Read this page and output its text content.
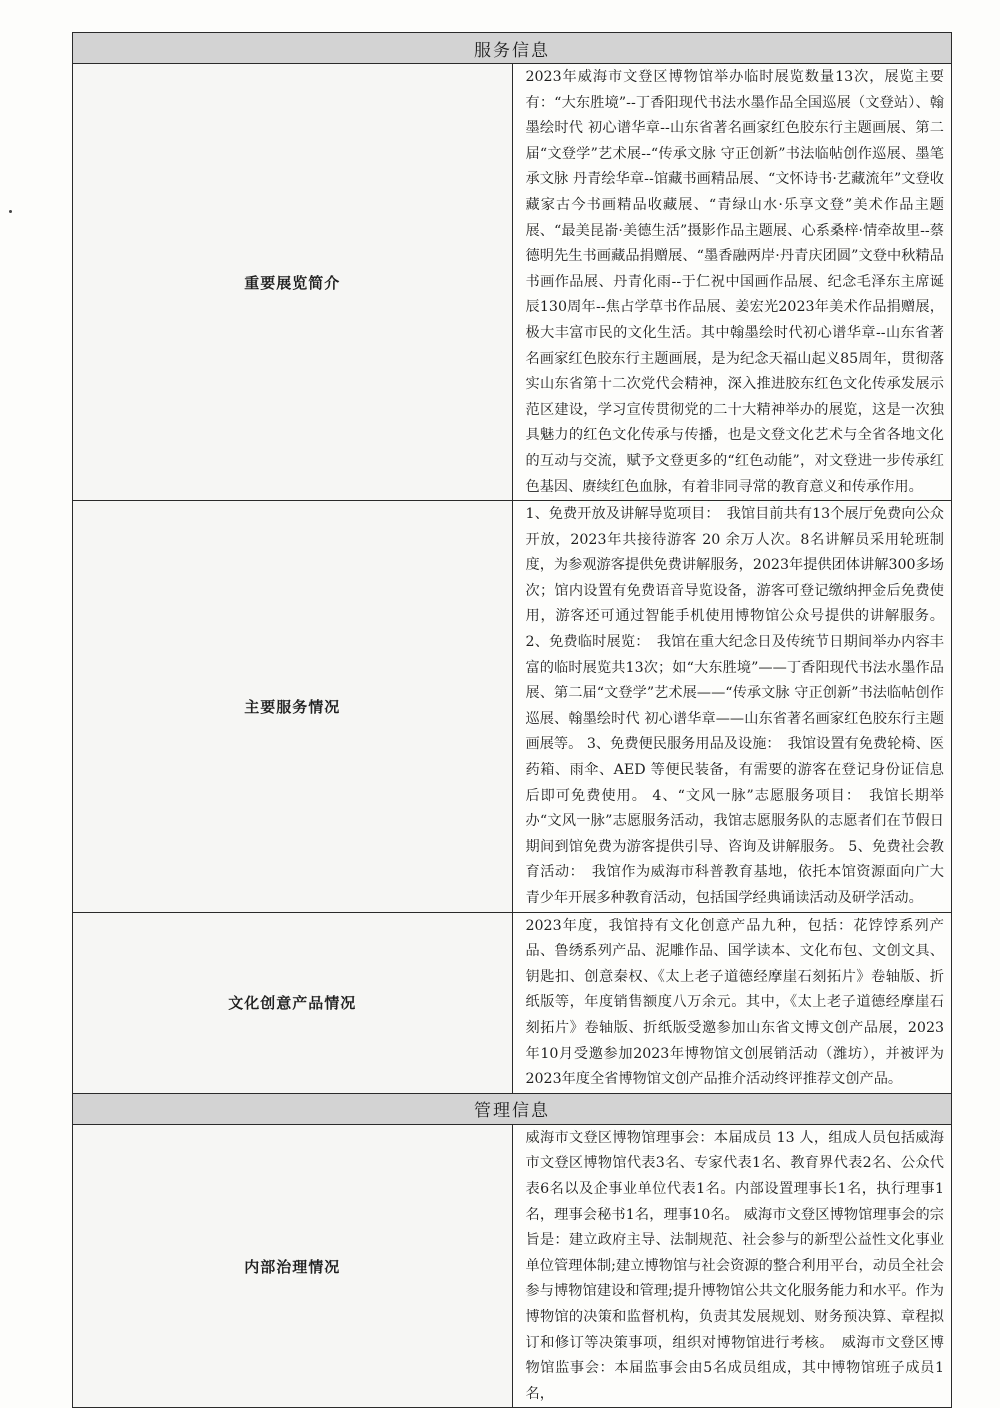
服务信息	
重要展览简介	2023年威海市文登区博物馆举办临时展览数量13次，展览主要有：“大东胜境”--丁香阳现代书法水墨作品全国巡展（文登站）、翰墨绘时代 初心谱华章--山东省著名画家红色胶东行主题画展、第二届“文登学”艺术展--“传承文脉 守正创新”书法临帖创作巡展、墨笔承文脉 丹青绘华章--馆藏书画精品展、“文怀诗书·艺藏流年”文登收藏家古今书画精品收藏展、“青绿山水·乐享文登”美术作品主题展、“最美昆嵛·美德生活”摄影作品主题展、心系桑梓·情牵故里--蔡德明先生书画藏品捐赠展、“墨香融两岸·丹青庆团圆”文登中秋精品书画作品展、丹青化雨--于仁祝中国画作品展、纪念毛泽东主席诞辰130周年--焦占学草书作品展、姜宏光2023年美术作品捐赠展，极大丰富市民的文化生活。其中翰墨绘时代初心谱华章--山东省著名画家红色胶东行主题画展，是为纪念天福山起义85周年，贯彻落实山东省第十二次党代会精神，深入推进胶东红色文化传承发展示范区建设，学习宣传贯彻党的二十大精神举办的展览，这是一次独具魅力的红色文化传承与传播，也是文登文化艺术与全省各地文化的互动与交流，赋予文登更多的“红色动能”，对文登进一步传承红色基因、赓续红色血脉，有着非同寻常的教育意义和传承作用。
主要服务情况	1、免费开放及讲解导览项目：　我馆目前共有13个展厅免费向公众开放，2023年共接待游客 20 余万人次。8名讲解员采用轮班制度，为参观游客提供免费讲解服务，2023年提供团体讲解300多场次；馆内设置有免费语音导览设备，游客可登记缴纳押金后免费使用，游客还可通过智能手机使用博物馆公众号提供的讲解服务。 2、免费临时展览：　我馆在重大纪念日及传统节日期间举办内容丰富的临时展览共13次；如“大东胜境”——丁香阳现代书法水墨作品展、第二届“文登学”艺术展——“传承文脉 守正创新”书法临帖创作巡展、翰墨绘时代 初心谱华章——山东省著名画家红色胶东行主题画展等。 3、免费便民服务用品及设施：　我馆设置有免费轮椅、医药箱、雨伞、AED 等便民装备，有需要的游客在登记身份证信息后即可免费使用。 4、“文风一脉”志愿服务项目：　我馆长期举办“文风一脉”志愿服务活动，我馆志愿服务队的志愿者们在节假日期间到馆免费为游客提供引导、咨询及讲解服务。 5、免费社会教育活动：　我馆作为威海市科普教育基地，依托本馆资源面向广大青少年开展多种教育活动，包括国学经典诵读活动及研学活动。
文化创意产品情况	2023年度，我馆持有文化创意产品九种，包括：花饽饽系列产品、鲁绣系列产品、泥雕作品、国学读本、文化布包、文创文具、钥匙扣、创意秦权、《太上老子道德经摩崖石刻拓片》卷轴版、折纸版等，年度销售额度八万余元。其中，《太上老子道德经摩崖石刻拓片》卷轴版、折纸版受邀参加山东省文博文创产品展，2023年10月受邀参加2023年博物馆文创展销活动（潍坊），并被评为2023年度全省博物馆文创产品推介活动终评推荐文创产品。
管理信息	
内部治理情况	威海市文登区博物馆理事会：本届成员 13 人，组成人员包括威海市文登区博物馆代表3名、专家代表1名、教育界代表2名、公众代表6名以及企事业单位代表1名。内部设置理事长1名，执行理事1名，理事会秘书1名，理事10名。 威海市文登区博物馆理事会的宗旨是：建立政府主导、法制规范、社会参与的新型公益性文化事业单位管理体制;建立博物馆与社会资源的整合利用平台，动员全社会参与博物馆建设和管理;提升博物馆公共文化服务能力和水平。作为博物馆的决策和监督机构，负责其发展规划、财务预决算、章程拟订和修订等决策事项，组织对博物馆进行考核。　威海市文登区博物馆监事会：本届监事会由5名成员组成，其中博物馆班子成员1名，
